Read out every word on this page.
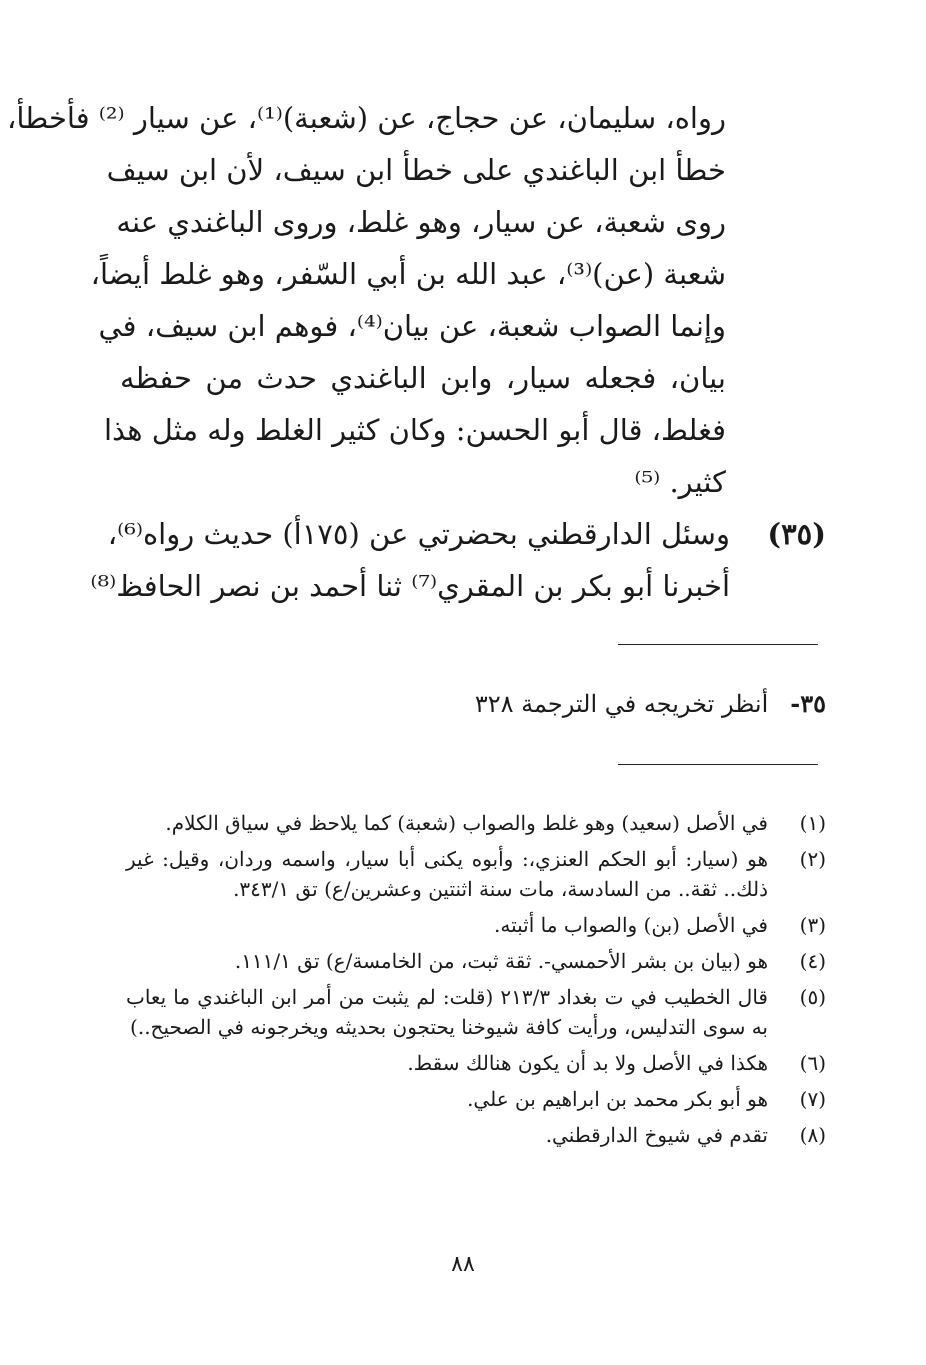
رواه، سليمان، عن حجاج، عن (شعبة)⁽¹⁾، عن سيار ⁽²⁾ فأخطأ،
خطأ ابن الباغندي على خطأ ابن سيف، لأن ابن سيف
روى شعبة، عن سيار، وهو غلط، وروى الباغندي عنه
شعبة (عن)⁽³⁾، عبد الله بن أبي السّفر، وهو غلط أيضاً،
وإنما الصواب شعبة، عن بيان⁽⁴⁾، فوهم ابن سيف، في
بيان، فجعله سيار، وابن الباغندي حدث من حفظه
فغلط، قال أبو الحسن: وكان كثير الغلط وله مثل هذا
كثير. ⁽⁵⁾
(٣٥)
وسئل الدارقطني بحضرتي عن (١٧٥أ) حديث رواه⁽⁶⁾،
أخبرنا أبو بكر بن المقري⁽⁷⁾ ثنا أحمد بن نصر الحافظ⁽⁸⁾
٣٥-أنظر تخريجه في الترجمة ٣٢٨
(١)
في الأصل (سعيد) وهو غلط والصواب (شعبة) كما يلاحظ في سياق الكلام.
(٢)
هو (سيار: أبو الحكم العنزي،: وأبوه يكنى أبا سيار، واسمه وردان، وقيل: غير ذلك.. ثقة.. من السادسة، مات سنة اثنتين وعشرين/ع) تق ٣٤٣/١.
(٣)
في الأصل (بن) والصواب ما أثبته.
(٤)
هو (بيان بن بشر الأحمسي-. ثقة ثبت، من الخامسة/ع) تق ١١١/١.
(٥)
قال الخطيب في ت بغداد ٢١٣/٣ (قلت: لم يثبت من أمر ابن الباغندي ما يعاب به سوى التدليس، ورأيت كافة شيوخنا يحتجون بحديثه ويخرجونه في الصحيح..)
(٦)
هكذا في الأصل ولا بد أن يكون هنالك سقط.
(٧)
هو أبو بكر محمد بن ابراهيم بن علي.
(٨)
تقدم في شيوخ الدارقطني.
٨٨
